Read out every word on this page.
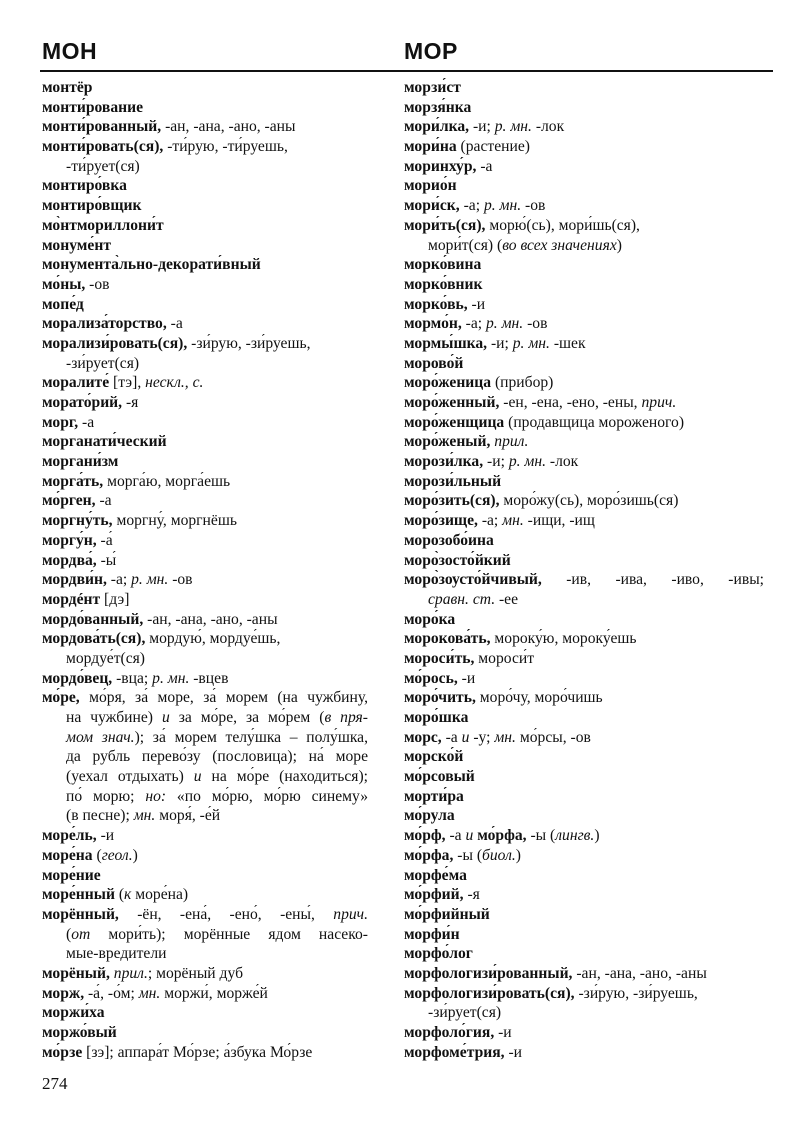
МОН	МОР
монтёр
монти́рование
монти́рованный, -ан, -ана, -ано, -аны
монти́ровать(ся), -ти́рую, -ти́руешь,
-ти́рует(ся)
монтиро́вка
монтиро́вщик
мо̀нтмориллони́т
монуме́нт
монумента̀льно-декорати́вный
мо́ны, -ов
мопе́д
морализа́торство, -а
морализи́ровать(ся), -зи́рую, -зи́руешь,
-зи́рует(ся)
моралите́ [тэ], нескл., с.
морато́рий, -я
морг, -а
морганати́ческий
моргани́зм
морга́ть, морга́ю, морга́ешь
мо́рген, -а
моргну́ть, моргну́, моргнёшь
моргу́н, -а́
мордва́, -ы́
мордви́н, -а; р. мн. -ов
мордéнт [дэ]
мордо́ванный, -ан, -ана, -ано, -аны
мордова́ть(ся), мордую́, мордуе́шь,
мордуе́т(ся)
мордо́вец, -вца; р. мн. -вцев
мо́ре, мо́ря, за́ море, за́ морем (на чужбину,
на чужбине) и за мо́ре, за мо́рем (в пря-
мом знач.); за́ морем телу́шка – полу́шка,
да рубль перево́зу (пословица); на́ море
(уехал отдыхать) и на мо́ре (находиться);
по́ морю; но: «по мо́рю, мо́рю синему»
(в песне); мн. моря́, -е́й
море́ль, -и
море́на (геол.)
море́ние
море́нный (к море́на)
морённый, -ён, -ена́, -ено́, -ены́, прич.
(от мори́ть); морённые ядом насеко-
мые-вредители
морёный, прил.; морёный дуб
морж, -а́, -о́м; мн. моржи́, морже́й
моржи́ха
моржо́вый
мо́рзе [зэ]; аппара́т Мо́рзе; а́збука Мо́рзе
морзи́ст
морзя́нка
мори́лка, -и; р. мн. -лок
мори́на (растение)
моринху́р, -а
морио́н
мори́ск, -а; р. мн. -ов
мори́ть(ся), морю́(сь), мори́шь(ся),
мори́т(ся) (во всех значениях)
морко́вина
морко́вник
морко́вь, -и
мормо́н, -а; р. мн. -ов
мормы́шка, -и; р. мн. -шек
морово́й
моро́женица (прибор)
моро́женный, -ен, -ена, -ено, -ены, прич.
моро́женщица (продавщица мороженого)
моро́женый, прил.
морози́лка, -и; р. мн. -лок
морози́льный
моро́зить(ся), моро́жу(сь), моро́зишь(ся)
моро́зище, -а; мн. -ищи, -ищ
морозобо́ина
моро̀зосто́йкий
моро̀зоусто́йчивый, -ив, -ива, -иво, -ивы;
сравн. ст. -ее
моро́ка
морокова́ть, мороку́ю, мороку́ешь
мороси́ть, мороси́т
мо́рось, -и
моро́чить, моро́чу, моро́чишь
моро́шка
морс, -а и -у; мн. мо́рсы, -ов
морско́й
мо́рсовый
морти́ра
мо́рула
мо́рф, -а и мо́рфа, -ы (лингв.)
мо́рфа, -ы (биол.)
морфе́ма
мо́рфий, -я
мо́рфийный
морфи́н
морфо́лог
морфологизи́рованный, -ан, -ана, -ано, -аны
морфологизи́ровать(ся), -зи́рую, -зи́руешь,
-зи́рует(ся)
морфоло́гия, -и
морфоме́трия, -и
274
